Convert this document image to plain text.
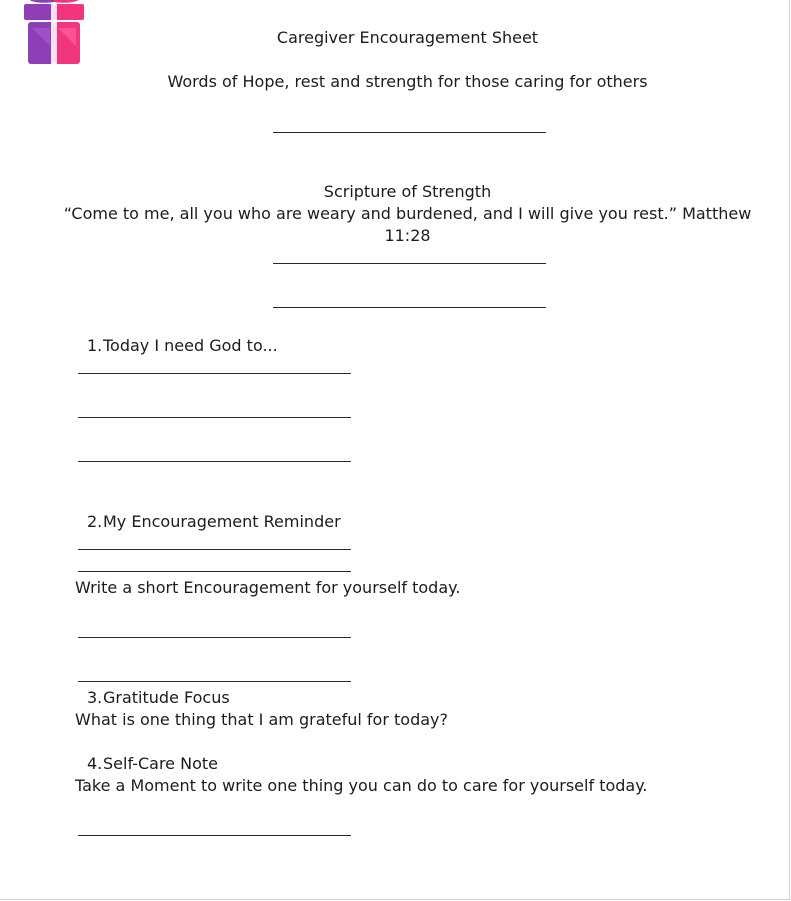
Caregiver Encouragement Sheet
Words of Hope, rest and strength for those caring for others
Scripture of Strength
“Come to me, all you who are weary and burdened, and I will give you rest.” Matthew 11:28
1. Today I need God to...
2. My Encouragement Reminder
Write a short Encouragement for yourself today.
3. Gratitude Focus
What is one thing that I am grateful for today?
4. Self-Care Note
Take a Moment to write one thing you can do to care for yourself today.
